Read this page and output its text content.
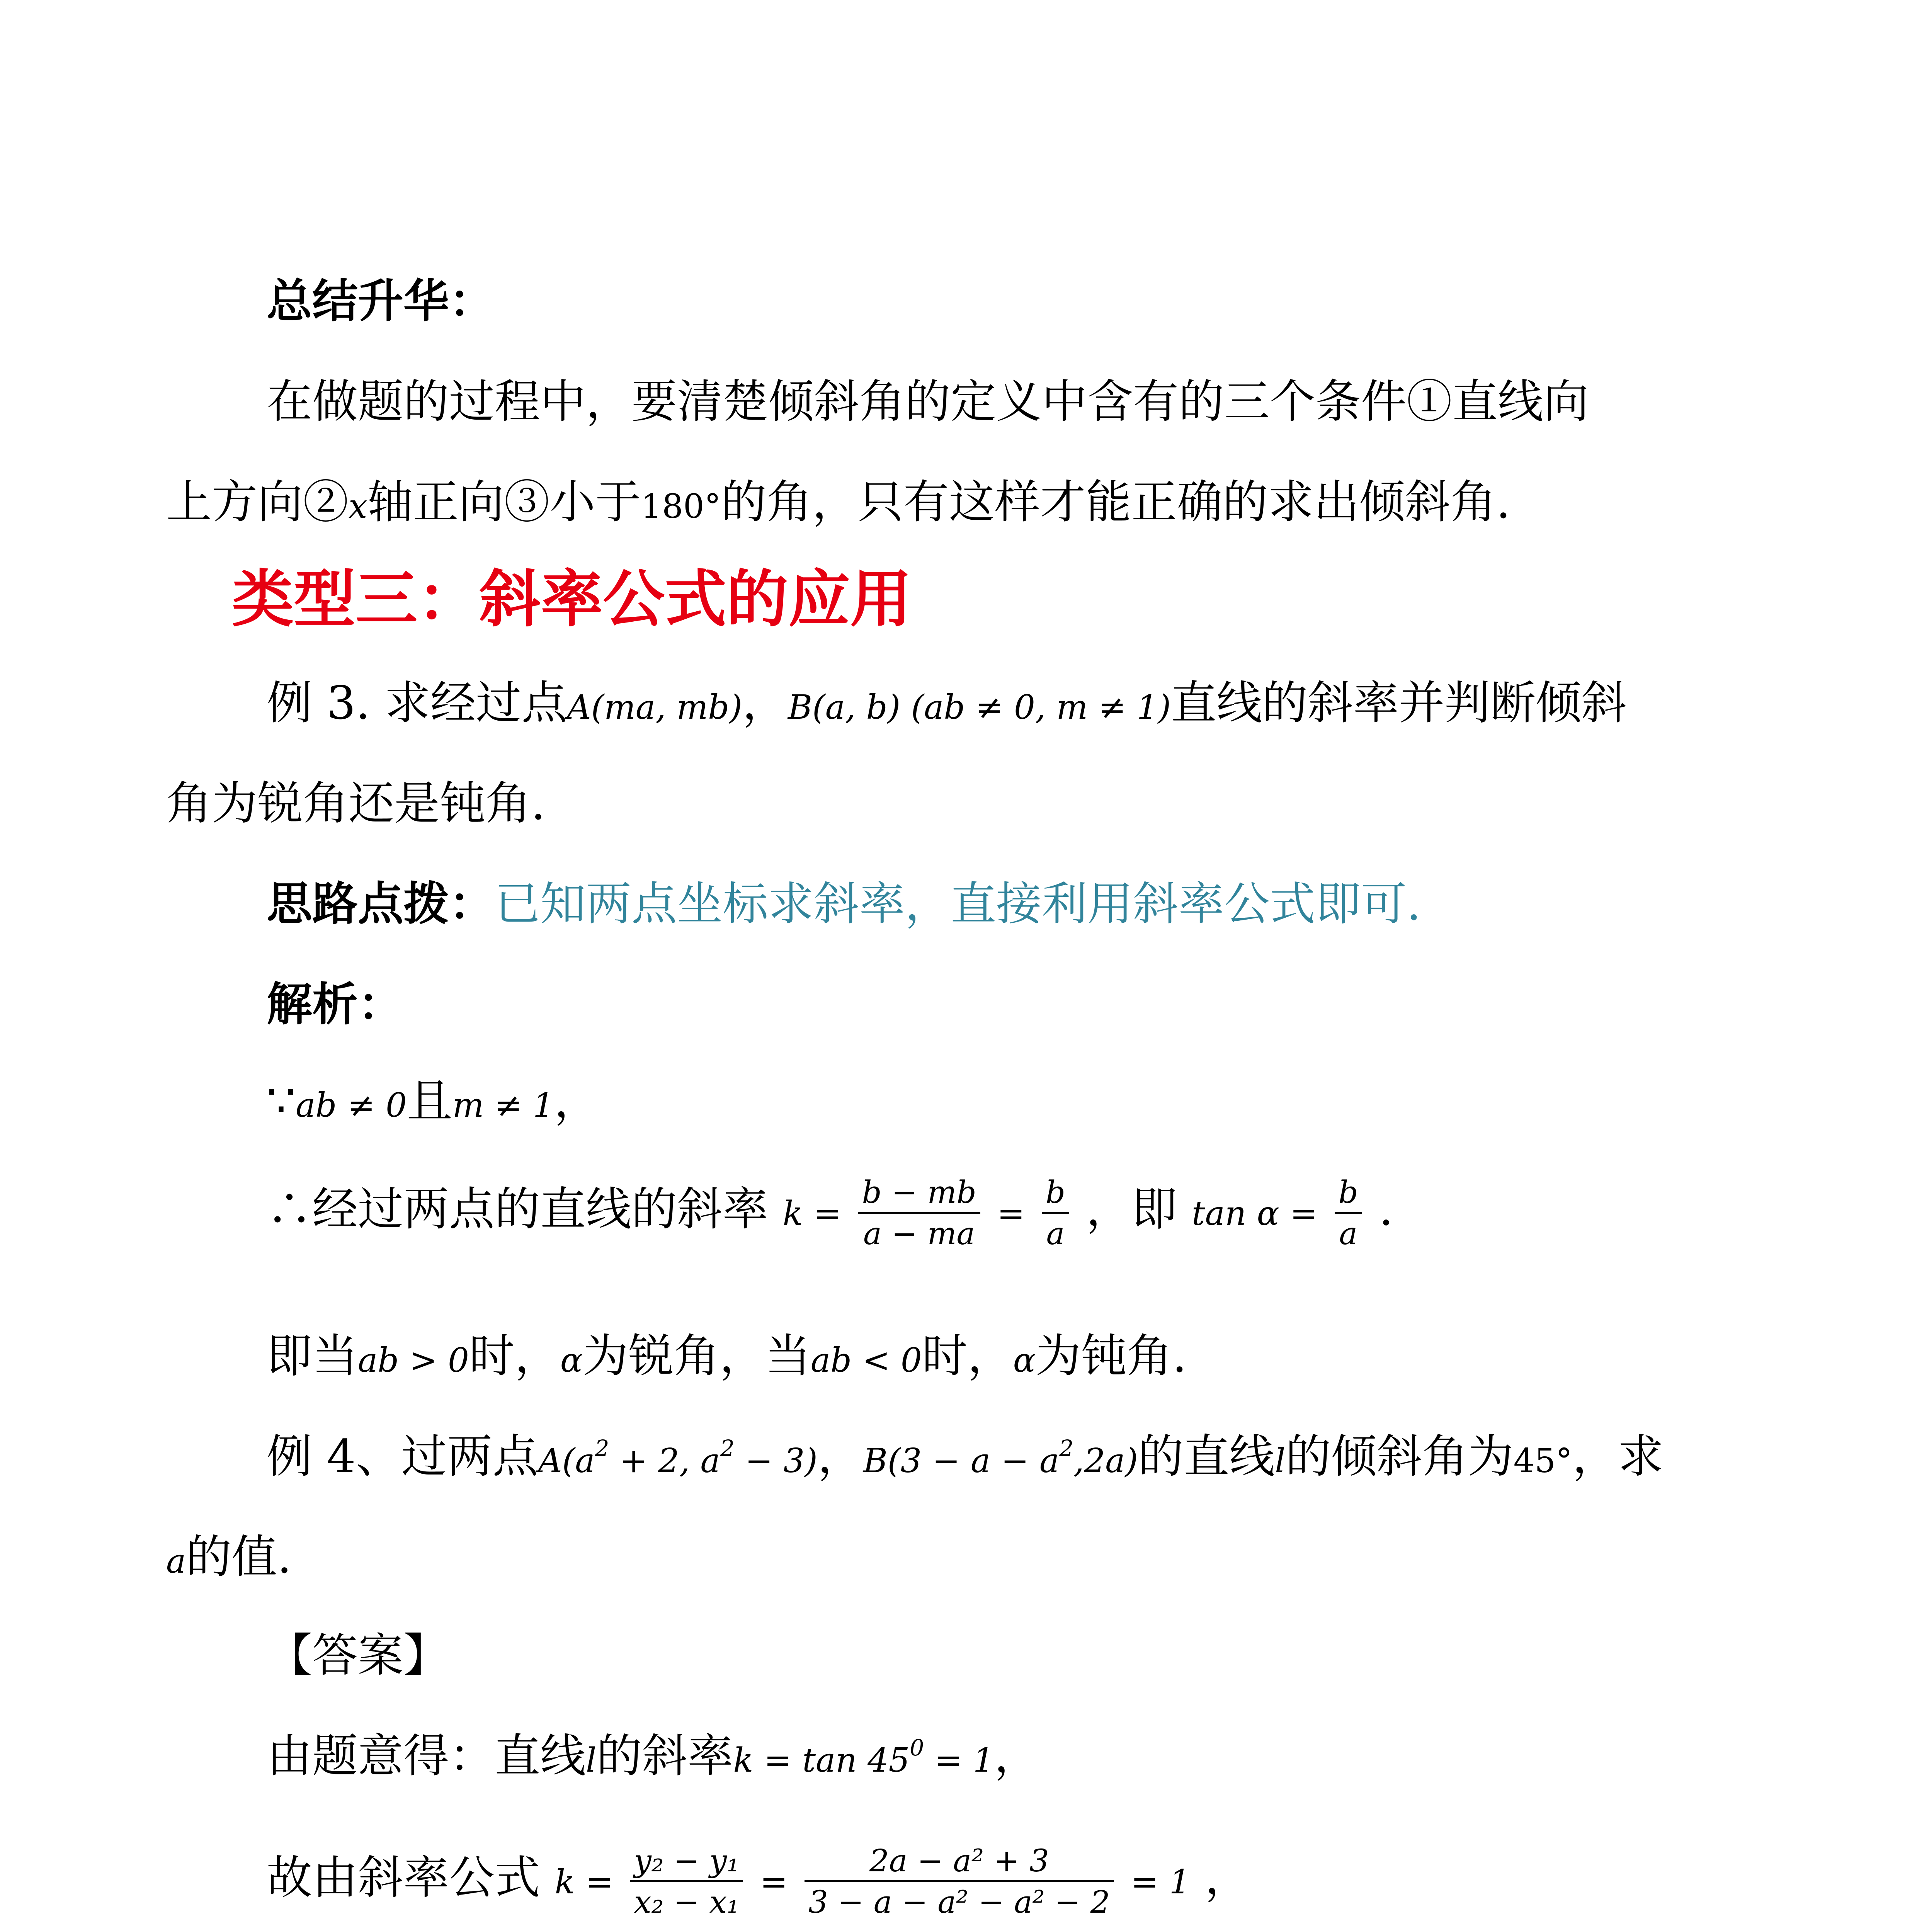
总结升华：
在做题的过程中，要清楚倾斜角的定义中含有的三个条件①直线向
上方向②x轴正向③小于180°的角，只有这样才能正确的求出倾斜角.
类型三：斜率公式的应用
例 3. 求经过点A(ma, mb)，B(a, b) (ab ≠ 0, m ≠ 1)直线的斜率并判断倾斜
角为锐角还是钝角.
思路点拨：已知两点坐标求斜率，直接利用斜率公式即可.
解析：
∵ab ≠ 0且m ≠ 1，
∴经过两点的直线的斜率 $k = \frac{b - mb}{a - ma} = \frac{b}{a}$ ，即 $\tan \alpha = \frac{b}{a}$ .
即当ab > 0时，α为锐角，当ab < 0时，α为钝角.
例 4、过两点$A(a^2 + 2$, $a^2 - 3$)，$B(3 - a - a^2,2a)$的直线l的倾斜角为45°，求
a的值.
【答案】
由题意得：直线l的斜率$k = \tan 45^0 = 1$，
故由斜率公式 $k = \frac{\text{y₂ − y₁}}{\text{x₂ − x₁}} = \frac{\text{2a − a² + 3}}{\text{3 − a − a² − a² − 2}} = 1$ ，
